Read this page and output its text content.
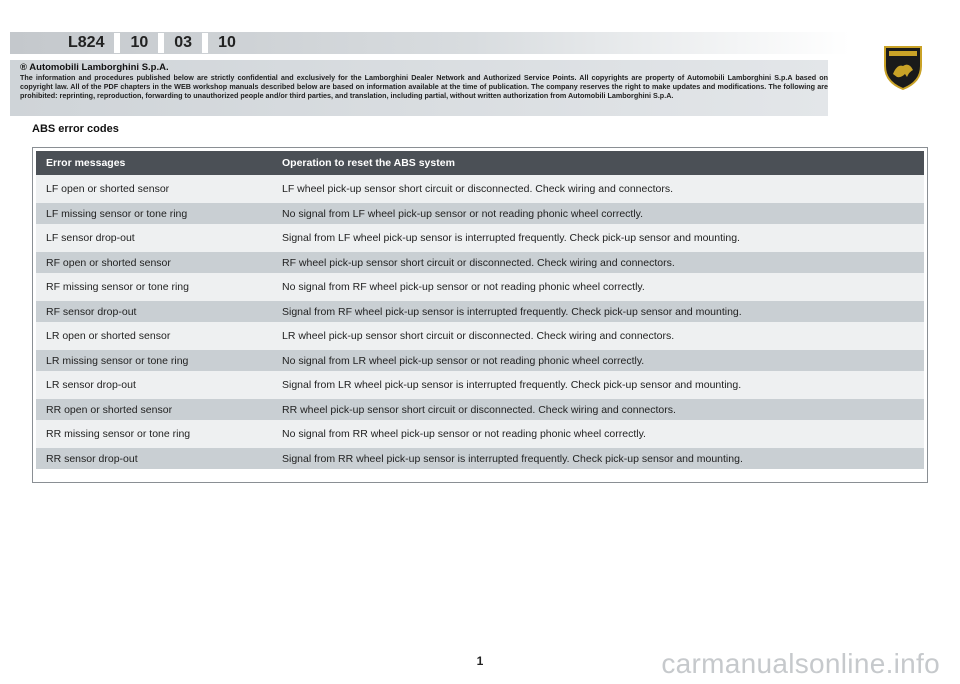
L824	10	03	10
® Automobili Lamborghini S.p.A.
The information and procedures published below are strictly confidential and exclusively for the Lamborghini Dealer Network and Authorized Service Points. All copyrights are property of Automobili Lamborghini S.p.A based on copyright law. All of the PDF chapters in the WEB workshop manuals described below are based on information available at the time of publication. The company reserves the right to make updates and modifications. The following are prohibited: reprinting, reproduction, forwarding to unauthorized people and/or third parties, and translation, including partial, without written authorization from Automobili Lamborghini S.p.A.
ABS error codes
Error messages	Operation to reset the ABS system
LF open or shorted sensor	LF wheel pick-up sensor short circuit or disconnected. Check wiring and connectors.
LF missing sensor or tone ring	No signal from LF wheel pick-up sensor or not reading phonic wheel correctly.
LF sensor drop-out	Signal from LF wheel pick-up sensor is interrupted frequently. Check pick-up sensor and mounting.
RF open or shorted sensor	RF wheel pick-up sensor short circuit or disconnected. Check wiring and connectors.
RF missing sensor or tone ring	No signal from RF wheel pick-up sensor or not reading phonic wheel correctly.
RF sensor drop-out	Signal from RF wheel pick-up sensor is interrupted frequently. Check pick-up sensor and mounting.
LR open or shorted sensor	LR wheel pick-up sensor short circuit or disconnected. Check wiring and connectors.
LR missing sensor or tone ring	No signal from LR wheel pick-up sensor or not reading phonic wheel correctly.
LR sensor drop-out	Signal from LR wheel pick-up sensor is interrupted frequently. Check pick-up sensor and mounting.
RR open or shorted sensor	RR wheel pick-up sensor short circuit or disconnected. Check wiring and connectors.
RR missing sensor or tone ring	No signal from RR wheel pick-up sensor or not reading phonic wheel correctly.
RR sensor drop-out	Signal from RR wheel pick-up sensor is interrupted frequently. Check pick-up sensor and mounting.
1	carmanualsonline.info
